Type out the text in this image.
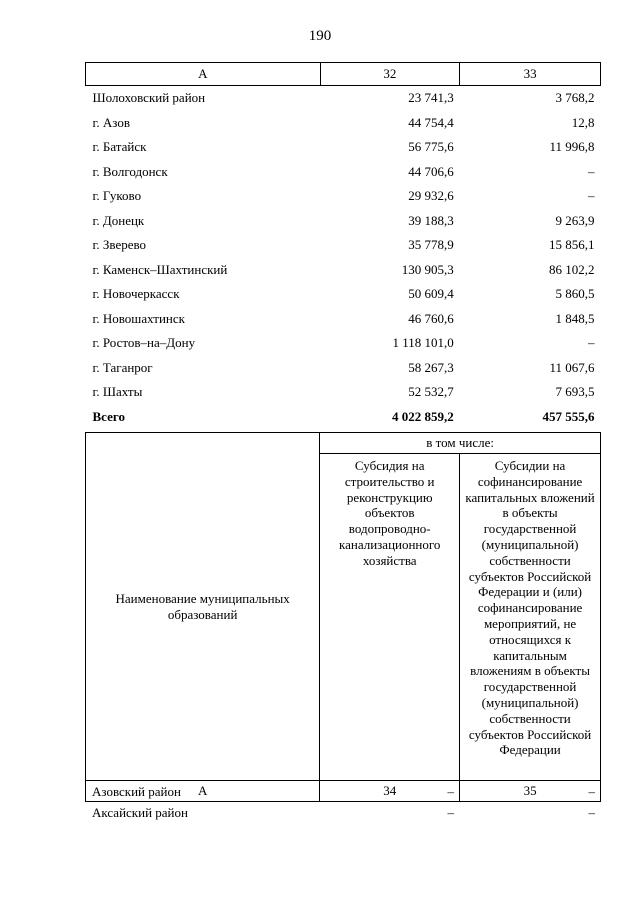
190
А	32	33
Шолоховский район	23 741,3	3 768,2
г. Азов	44 754,4	12,8
г. Батайск	56 775,6	11 996,8
г. Волгодонск	44 706,6	–
г. Гуково	29 932,6	–
г. Донецк	39 188,3	9 263,9
г. Зверево	35 778,9	15 856,1
г. Каменск–Шахтинский	130 905,3	86 102,2
г. Новочеркасск	50 609,4	5 860,5
г. Новошахтинск	46 760,6	1 848,5
г. Ростов–на–Дону	1 118 101,0	–
г. Таганрог	58 267,3	11 067,6
г. Шахты	52 532,7	7 693,5
Всего	4 022 859,2	457 555,6
Наименование муниципальных образований	в том числе:	
	Субсидия на строительство и реконструкцию объектов водопроводно-канализационного хозяйства	Субсидии на софинансирование капитальных вложений в объекты государственной (муниципальной) собственности субъектов Российской Федерации и (или) софинансирование мероприятий, не относящихся к капитальным вложениям в объекты государственной (муниципальной) собственности субъектов Российской Федерации
А	34	35
Азовский район	–	–
Аксайский район	–	–
